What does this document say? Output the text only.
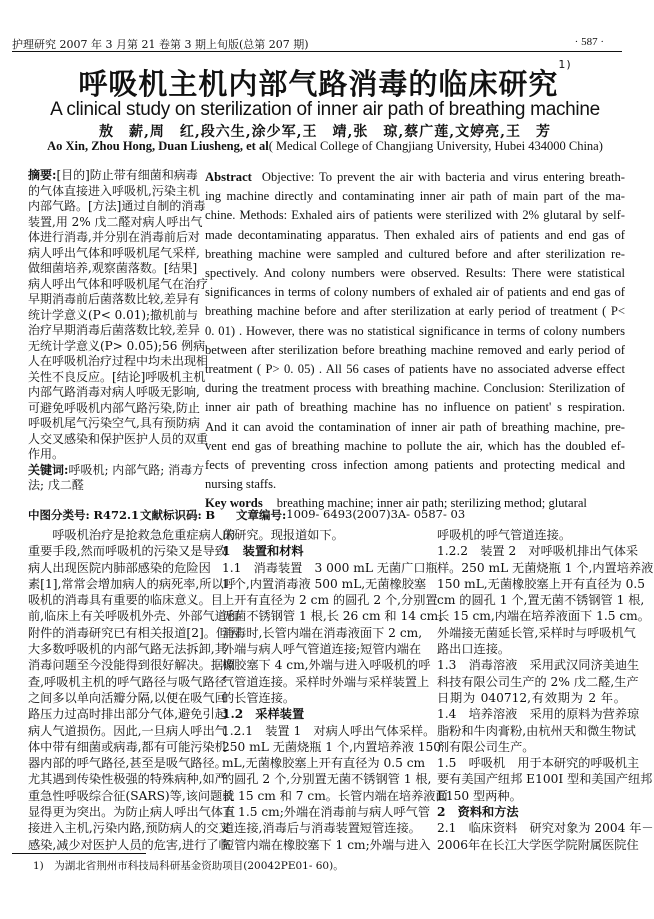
护理研究 2007 年 3 月第 21 卷第 3 期上旬版(总第 207 期)	· 587 ·
呼吸机主机内部气路消毒的临床研究$^{1)}$
A clinical study on sterilization of inner air path of breathing machine
敖　薪,周　红,段六生,涂少军,王　靖,张　琼,蔡广莲,文婷亮,王　芳
Ao Xin, Zhou Hong, Duan Liusheng, et al( Medical College of Changjiang University, Hubei 434000 China)
摘要:[目的]防止带有细菌和病毒
的气体直接进入呼吸机,污染主机
内部气路。[方法]通过自制的消毒
装置,用 2% 戊二醛对病人呼出气
体进行消毒,并分别在消毒前后对
病人呼出气体和呼吸机尾气采样,
做细菌培养,观察菌落数。[结果]
病人呼出气体和呼吸机尾气在治疗
早期消毒前后菌落数比较,差异有
统计学意义(P< 0.01);撤机前与
治疗早期消毒后菌落数比较,差异
无统计学意义(P> 0.05);56 例病
人在呼吸机治疗过程中均未出现相
关性不良反应。[结论]呼吸机主机
内部气路消毒对病人呼吸无影响,
可避免呼吸机内部气路污染,防止
呼吸机尾气污染空气,具有预防病
人交叉感染和保护医护人员的双重
作用。
关键词:呼吸机; 内部气路; 消毒方
法; 戊二醛
Abstract Objective: To prevent the air with bacteria and virus entering breath-
ing machine directly and contaminating inner air path of main part of the ma-
chine. Methods: Exhaled airs of patients were sterilized with 2% glutaral by self-
made decontaminating apparatus. Then exhaled airs of patients and end gas of
breathing machine were sampled and cultured before and after sterilization re-
spectively. And colony numbers were observed. Results: There were statistical
significances in terms of colony numbers of exhaled air of patients and end gas of
breathing machine before and after sterilization at early period of treatment ( P<
0. 01) . However, there was no statistical significance in terms of colony numbers
between after sterilization before breathing machine removed and early period of
treatment ( P> 0. 05) . All 56 cases of patients have no associated adverse effect
during the treatment process with breathing machine. Conclusion: Sterilization of
inner air path of breathing machine has no influence on patient' s respiration.
And it can avoid the contamination of inner air path of breathing machine, pre-
vent end gas of breathing machine to pollute the air, which has the doubled ef-
fects of preventing cross infection among patients and protecting medical and
nursing staffs.
Key words breathing machine; inner air path; sterilizing method; glutaral
中图分类号: R472.1 文献标识码: B 文章编号: 1009- 6493(2007)3A- 0587- 03
　　呼吸机治疗是抢救急危重症病人的
重要手段,然而呼吸机的污染又是导致
病人出现医院内肺部感染的危险因
素[1],常常会增加病人的病死率,所以呼
吸机的消毒具有重要的临床意义。目
前,临床上有关呼吸机外壳、外部气道和
附件的消毒研究已有相关报道[2]。但因
大多数呼吸机的内部气路无法拆卸,其
消毒问题至今没能得到很好解决。据调
查,呼吸机主机的呼气路径与吸气路径
之间多以单向活瓣分隔,以便在吸气回
路压力过高时排出部分气体,避免引起
病人气道损伤。因此,一旦病人呼出气
体中带有细菌或病毒,都有可能污染机
器内部的呼气路径,甚至是吸气路径。
尤其遇到传染性极强的特殊病种,如严
重急性呼吸综合征(SARS)等,该问题就
显得更为突出。为防止病人呼出气体直
接进入主机,污染内路,预防病人的交叉
感染,减少对医护人员的危害,进行了临
床研究。现报道如下。
1　装置和材料
1.1　消毒装置　3 000 mL 无菌广口瓶
1 个,内置消毒液 500 mL,无菌橡胶塞
上开有直径为 2 cm 的圆孔 2 个,分别置
无菌不锈钢管 1 根,长 26 cm 和 14 cm。
消毒时,长管内端在消毒液面下 2 cm,
外端与病人呼气管道连接;短管内端在
橡胶塞下 4 cm,外端与进入呼吸机的呼
气管道连接。采样时外端与采样装置上
的长管连接。
1.2　采样装置
1.2.1　装置 1　对病人呼出气体采样。
250 mL 无菌烧瓶 1 个,内置培养液 150
mL,无菌橡胶塞上开有直径为 0.5 cm
的圆孔 2 个,分别置无菌不锈钢管 1 根,
长 15 cm 和 7 cm。长管内端在培养液面
下 1.5 cm;外端在消毒前与病人呼气管
道连接,消毒后与消毒装置短管连接。
短管内端在橡胶塞下 1 cm;外端与进入
呼吸机的呼气管道连接。
1.2.2　装置 2　对呼吸机排出气体采
样。250 mL 无菌烧瓶 1 个,内置培养液
150 mL,无菌橡胶塞上开有直径为 0.5
cm 的圆孔 1 个,置无菌不锈钢管 1 根,
长 15 cm,内端在培养液面下 1.5 cm。
外端接无菌延长管,采样时与呼吸机气
路出口连接。
1.3　消毒溶液　采用武汉同济美迪生
科技有限公司生产的 2% 戊二醛,生产
日期为 040712,有效期为 2 年。
1.4　培养溶液　采用的原料为营养琼
脂粉和牛肉膏粉,由杭州天和微生物试
剂有限公司生产。
1.5　呼吸机　用于本研究的呼吸机主
要有美国产纽邦 E100I 型和美国产纽邦
E150 型两种。
2　资料和方法
2.1　临床资料　研究对象为 2004 年－
2006年在长江大学医学院附属医院住
1)　为湖北省荆州市科技局科研基金资助项目(20042PE01- 60)。
